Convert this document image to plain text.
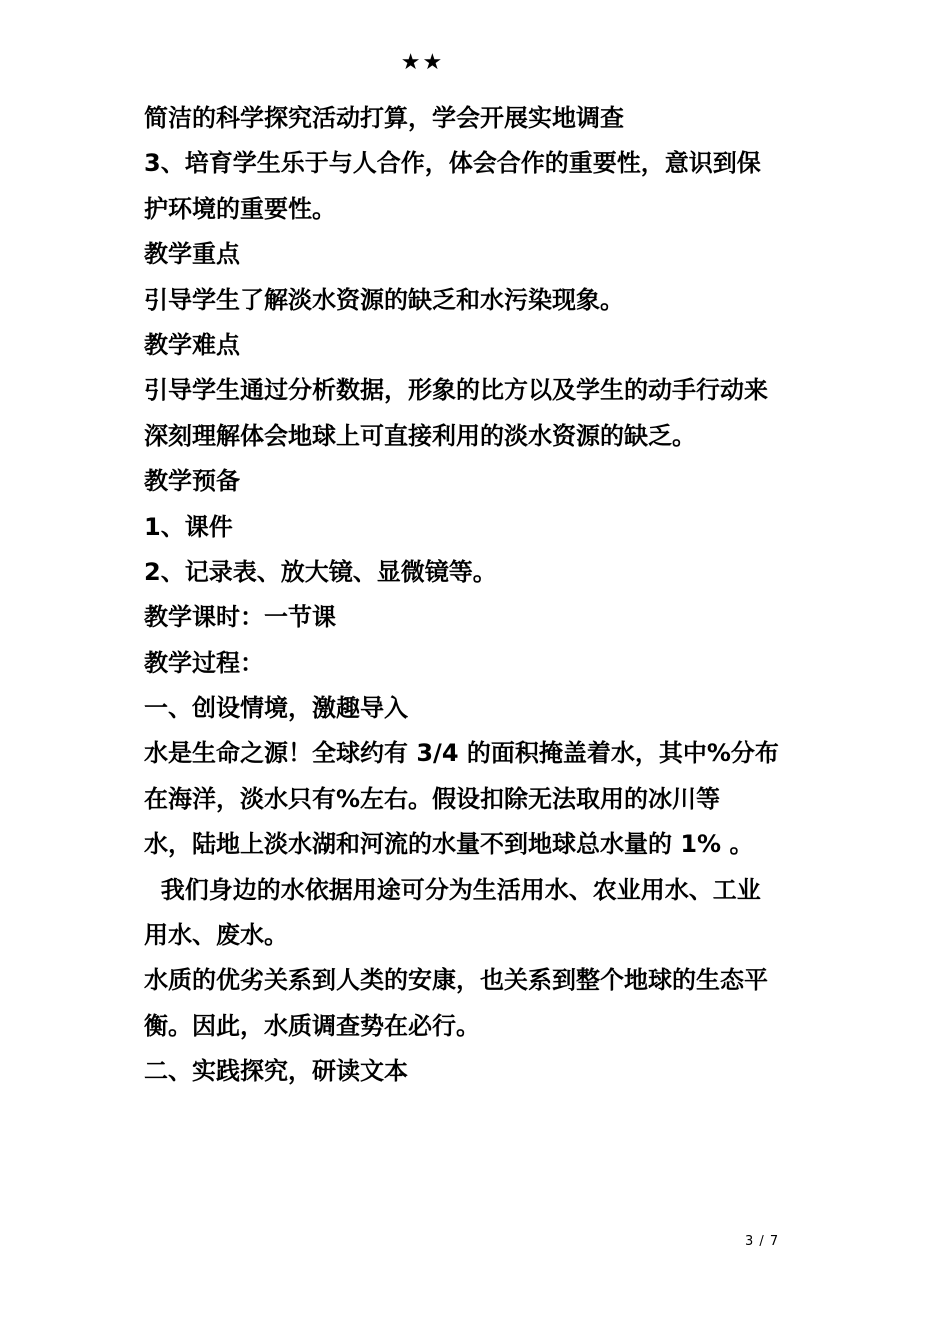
★★
简洁的科学探究活动打算，学会开展实地调查
3、培育学生乐于与人合作，体会合作的重要性，意识到保
护环境的重要性。
教学重点
引导学生了解淡水资源的缺乏和水污染现象。
教学难点
引导学生通过分析数据，形象的比方以及学生的动手行动来
深刻理解体会地球上可直接利用的淡水资源的缺乏。
教学预备
1、课件
2、记录表、放大镜、显微镜等。
教学课时：一节课
教学过程：
一、创设情境，激趣导入
水是生命之源！全球约有 3/4 的面积掩盖着水，其中%分布
在海洋，淡水只有%左右。假设扣除无法取用的冰川等
水，陆地上淡水湖和河流的水量不到地球总水量的 1% 。
我们身边的水依据用途可分为生活用水、农业用水、工业
用水、废水。
水质的优劣关系到人类的安康，也关系到整个地球的生态平
衡。因此，水质调查势在必行。
二、实践探究，研读文本
3 / 7
